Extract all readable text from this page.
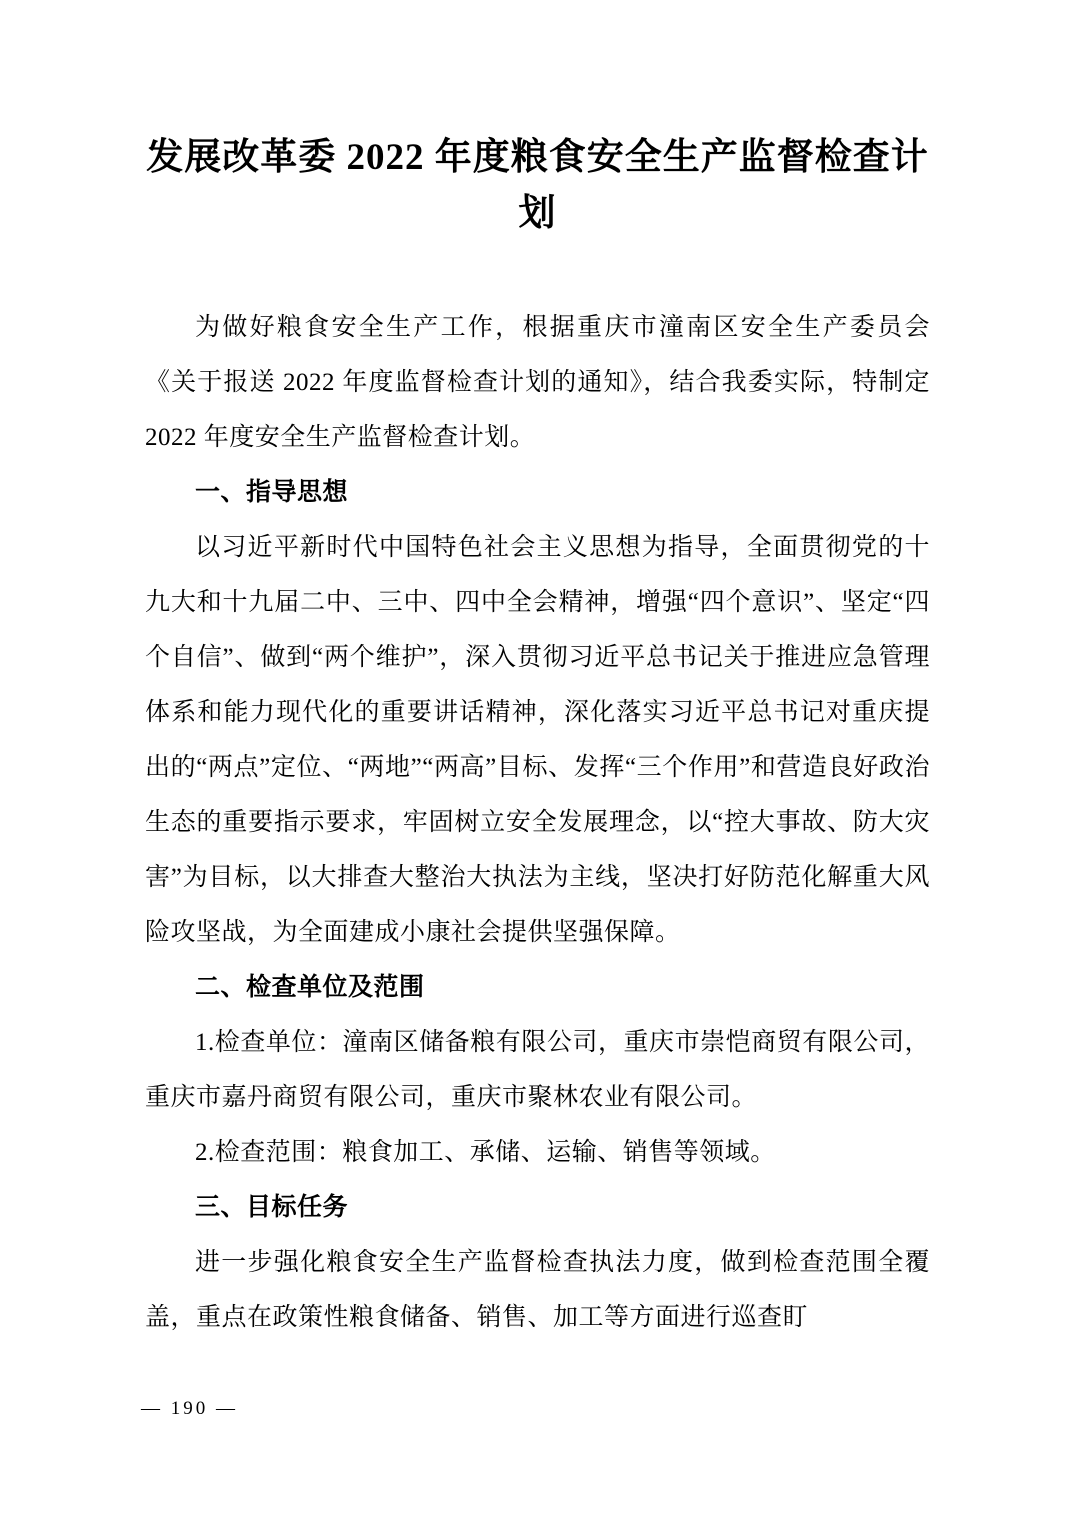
发展改革委 2022 年度粮食安全生产监督检查计划

为做好粮食安全生产工作，根据重庆市潼南区安全生产委员会《关于报送 2022 年度监督检查计划的通知》，结合我委实际，特制定 2022 年度安全生产监督检查计划。

一、指导思想

以习近平新时代中国特色社会主义思想为指导，全面贯彻党的十九大和十九届二中、三中、四中全会精神，增强“四个意识”、坚定“四个自信”、做到“两个维护”，深入贯彻习近平总书记关于推进应急管理体系和能力现代化的重要讲话精神，深化落实习近平总书记对重庆提出的“两点”定位、“两地”“两高”目标、发挥“三个作用”和营造良好政治生态的重要指示要求，牢固树立安全发展理念，以“控大事故、防大灾害”为目标，以大排查大整治大执法为主线，坚决打好防范化解重大风险攻坚战，为全面建成小康社会提供坚强保障。

二、检查单位及范围

1.检查单位：潼南区储备粮有限公司，重庆市崇恺商贸有限公司，重庆市嘉丹商贸有限公司，重庆市聚林农业有限公司。

2.检查范围：粮食加工、承储、运输、销售等领域。

三、目标任务

进一步强化粮食安全生产监督检查执法力度，做到检查范围全覆盖，重点在政策性粮食储备、销售、加工等方面进行巡查盯

— 190 —
